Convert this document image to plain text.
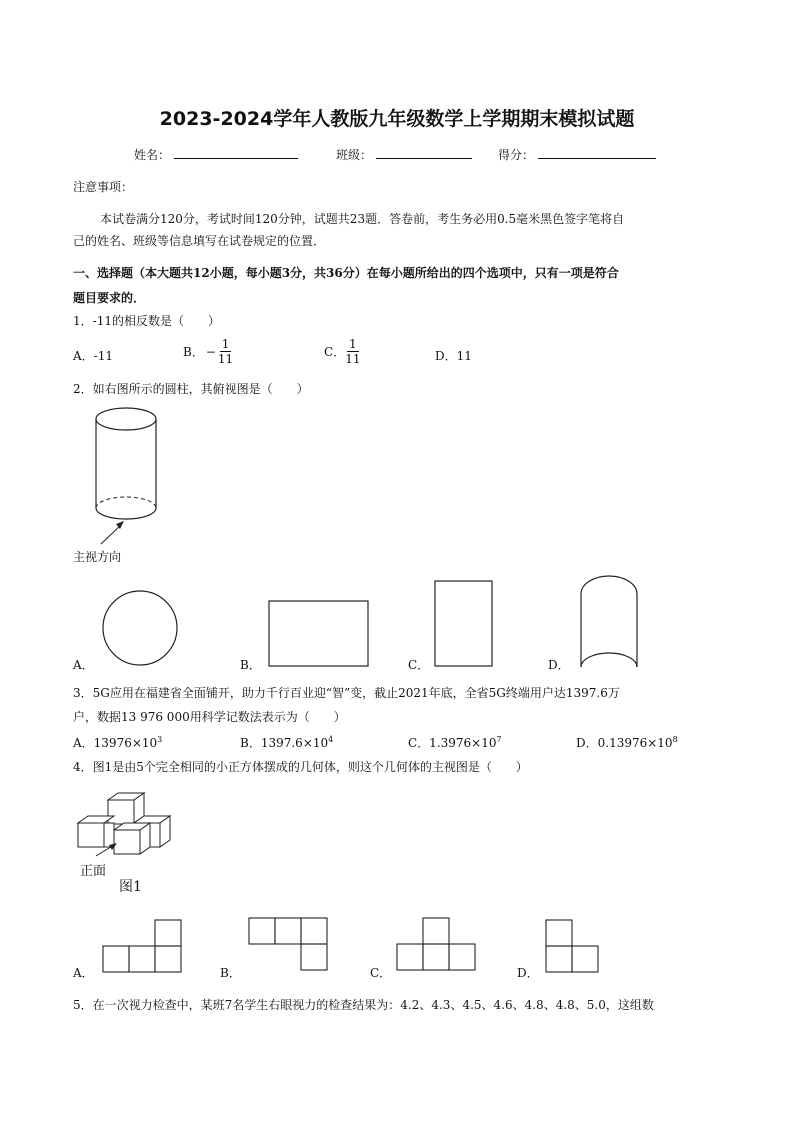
2023-2024学年人教版九年级数学上学期期末模拟试题
姓名：	班级：	得分：
注意事项：
本试卷满分120分，考试时间120分钟，试题共23题．答卷前，考生务必用0.5毫米黑色签字笔将自
己的姓名、班级等信息填写在试卷规定的位置．
一、选择题（本大题共12小题，每小题3分，共36分）在每小题所给出的四个选项中，只有一项是符合
题目要求的．
1．-11的相反数是（　　）
A．-11	B． − $\frac{1}{11}$	C． $\frac{1}{11}$	D．11
2．如右图所示的圆柱，其俯视图是（　　）
主视方向
A．	B．	C．	D．
3．5G应用在福建省全面铺开，助力千行百业迎“智”变，截止2021年底，全省5G终端用户达1397.6万
户，数据13 976 000用科学记数法表示为（　　）
A．$13976\times 10^3$	B．$1397.6\times 10^4$	C．$1.3976\times 10^7$	D．$0.13976\times 10^8$
4．图1是由5个完全相同的小正方体摆成的几何体，则这个几何体的主视图是（　　）
正面
图1
A．	B．	C．	D．
5．在一次视力检查中，某班7名学生右眼视力的检查结果为：4.2、4.3、4.5、4.6、4.8、4.8、5.0，这组数
